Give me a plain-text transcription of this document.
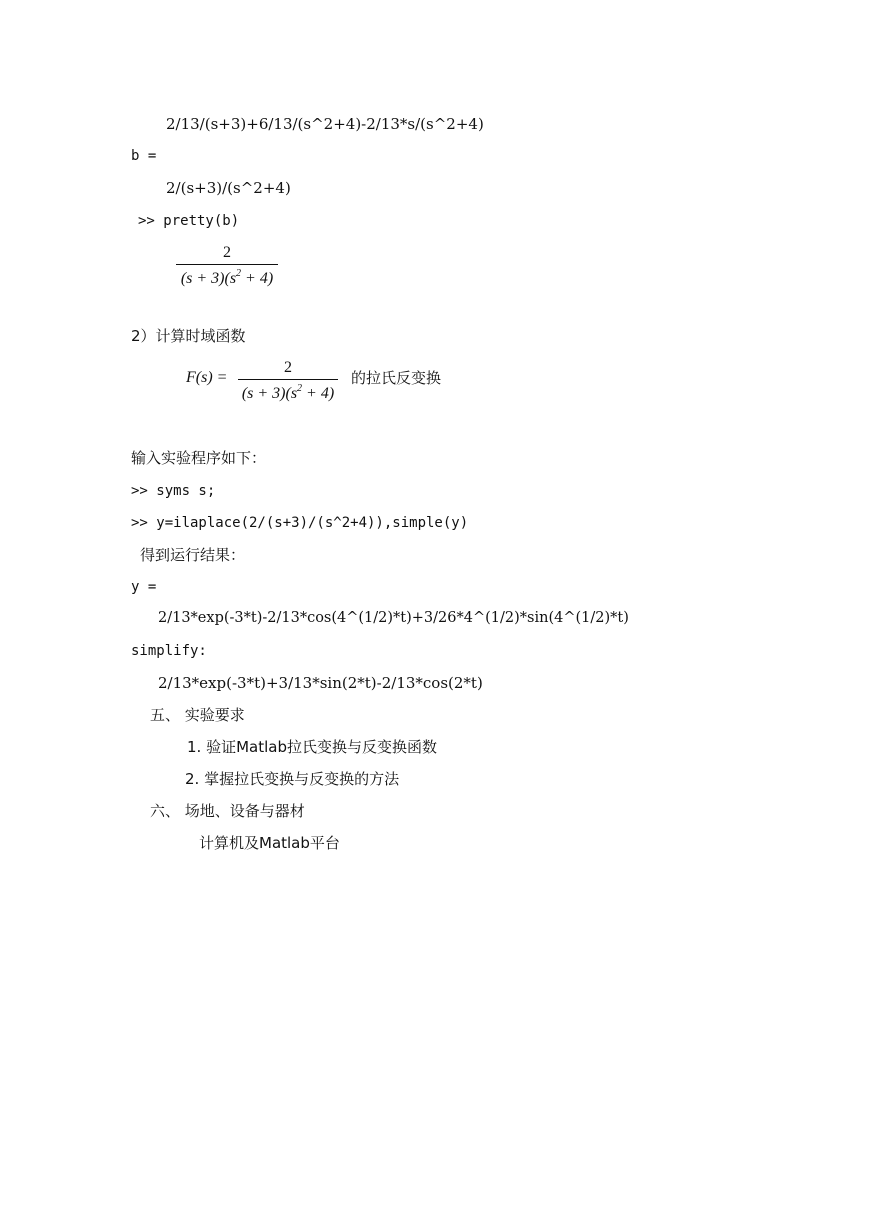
2/13/(s+3)+6/13/(s^2+4)-2/13*s/(s^2+4)
b =
2/(s+3)/(s^2+4)
>> pretty(b)
2
$(s + 3)(s^2 + 4)$
2）计算时域函数
F(s) =
2
$(s + 3)(s^2 + 4)$
的拉氏反变换
输入实验程序如下：
>> syms s;
>> y=ilaplace(2/(s+3)/(s^2+4)),simple(y)
得到运行结果：
y =
2/13*exp(-3*t)-2/13*cos(4^(1/2)*t)+3/26*4^(1/2)*sin(4^(1/2)*t)
simplify:
2/13*exp(-3*t)+3/13*sin(2*t)-2/13*cos(2*t)
五、 实验要求
1. 验证Matlab拉氏变换与反变换函数
2. 掌握拉氏变换与反变换的方法
六、 场地、设备与器材
计算机及Matlab平台
